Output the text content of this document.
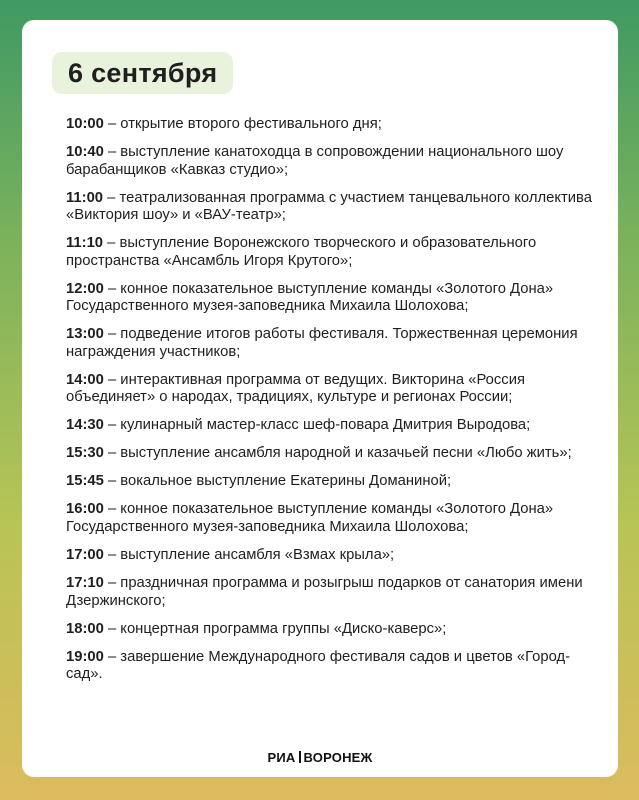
6 сентября
10:00 – открытие второго фестивального дня;
10:40 – выступление канатоходца в сопровождении национального шоу барабанщиков «Кавказ студио»;
11:00 – театрализованная программа с участием танцевального коллектива «Виктория шоу» и «ВАУ-театр»;
11:10 – выступление Воронежского творческого и образовательного пространства «Ансамбль Игоря Крутого»;
12:00 – конное показательное выступление команды «Золотого Дона» Государственного музея-заповедника Михаила Шолохова;
13:00 – подведение итогов работы фестиваля. Торжественная церемония награждения участников;
14:00 – интерактивная программа от ведущих. Викторина «Россия объединяет» о народах, традициях, культуре и регионах России;
14:30 – кулинарный мастер-класс шеф-повара Дмитрия Выродова;
15:30 – выступление ансамбля народной и казачьей песни «Любо жить»;
15:45 – вокальное выступление Екатерины Доманиной;
16:00 – конное показательное выступление команды «Золотого Дона» Государственного музея-заповедника Михаила Шолохова;
17:00 – выступление ансамбля «Взмах крыла»;
17:10 – праздничная программа и розыгрыш подарков от санатория имени Дзержинского;
18:00 – концертная программа группы «Диско-каверс»;
19:00 – завершение Международного фестиваля садов и цветов «Город-сад».
РИА ВОРОНЕЖ
